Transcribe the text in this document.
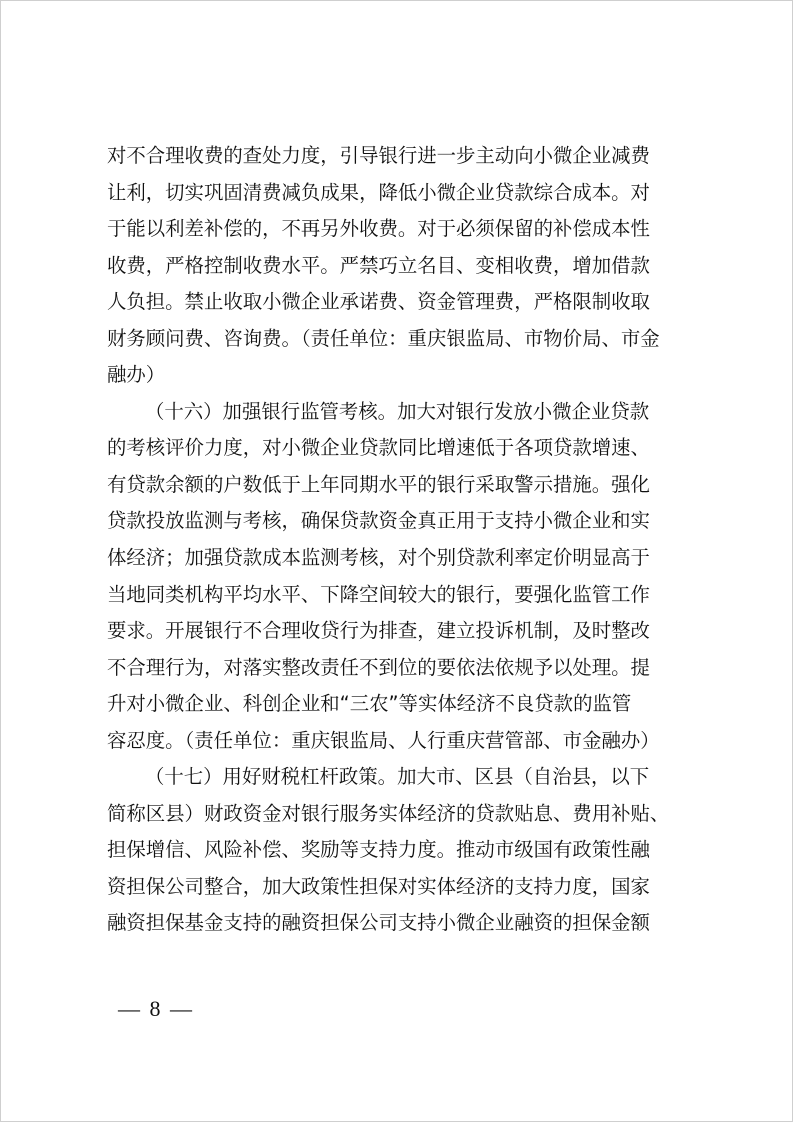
对不合理收费的查处力度，引导银行进一步主动向小微企业减费
让利，切实巩固清费减负成果，降低小微企业贷款综合成本。对
于能以利差补偿的，不再另外收费。对于必须保留的补偿成本性
收费，严格控制收费水平。严禁巧立名目、变相收费，增加借款
人负担。禁止收取小微企业承诺费、资金管理费，严格限制收取
财务顾问费、咨询费。（责任单位：重庆银监局、市物价局、市金
融办）
（十六）加强银行监管考核。加大对银行发放小微企业贷款
的考核评价力度，对小微企业贷款同比增速低于各项贷款增速、
有贷款余额的户数低于上年同期水平的银行采取警示措施。强化
贷款投放监测与考核，确保贷款资金真正用于支持小微企业和实
体经济；加强贷款成本监测考核，对个别贷款利率定价明显高于
当地同类机构平均水平、下降空间较大的银行，要强化监管工作
要求。开展银行不合理收贷行为排查，建立投诉机制，及时整改
不合理行为，对落实整改责任不到位的要依法依规予以处理。提
升对小微企业、科创企业和“三农”等实体经济不良贷款的监管
容忍度。（责任单位：重庆银监局、人行重庆营管部、市金融办）
（十七）用好财税杠杆政策。加大市、区县（自治县，以下
简称区县）财政资金对银行服务实体经济的贷款贴息、费用补贴、
担保增信、风险补偿、奖励等支持力度。推动市级国有政策性融
资担保公司整合，加大政策性担保对实体经济的支持力度，国家
融资担保基金支持的融资担保公司支持小微企业融资的担保金额
— 8 —
